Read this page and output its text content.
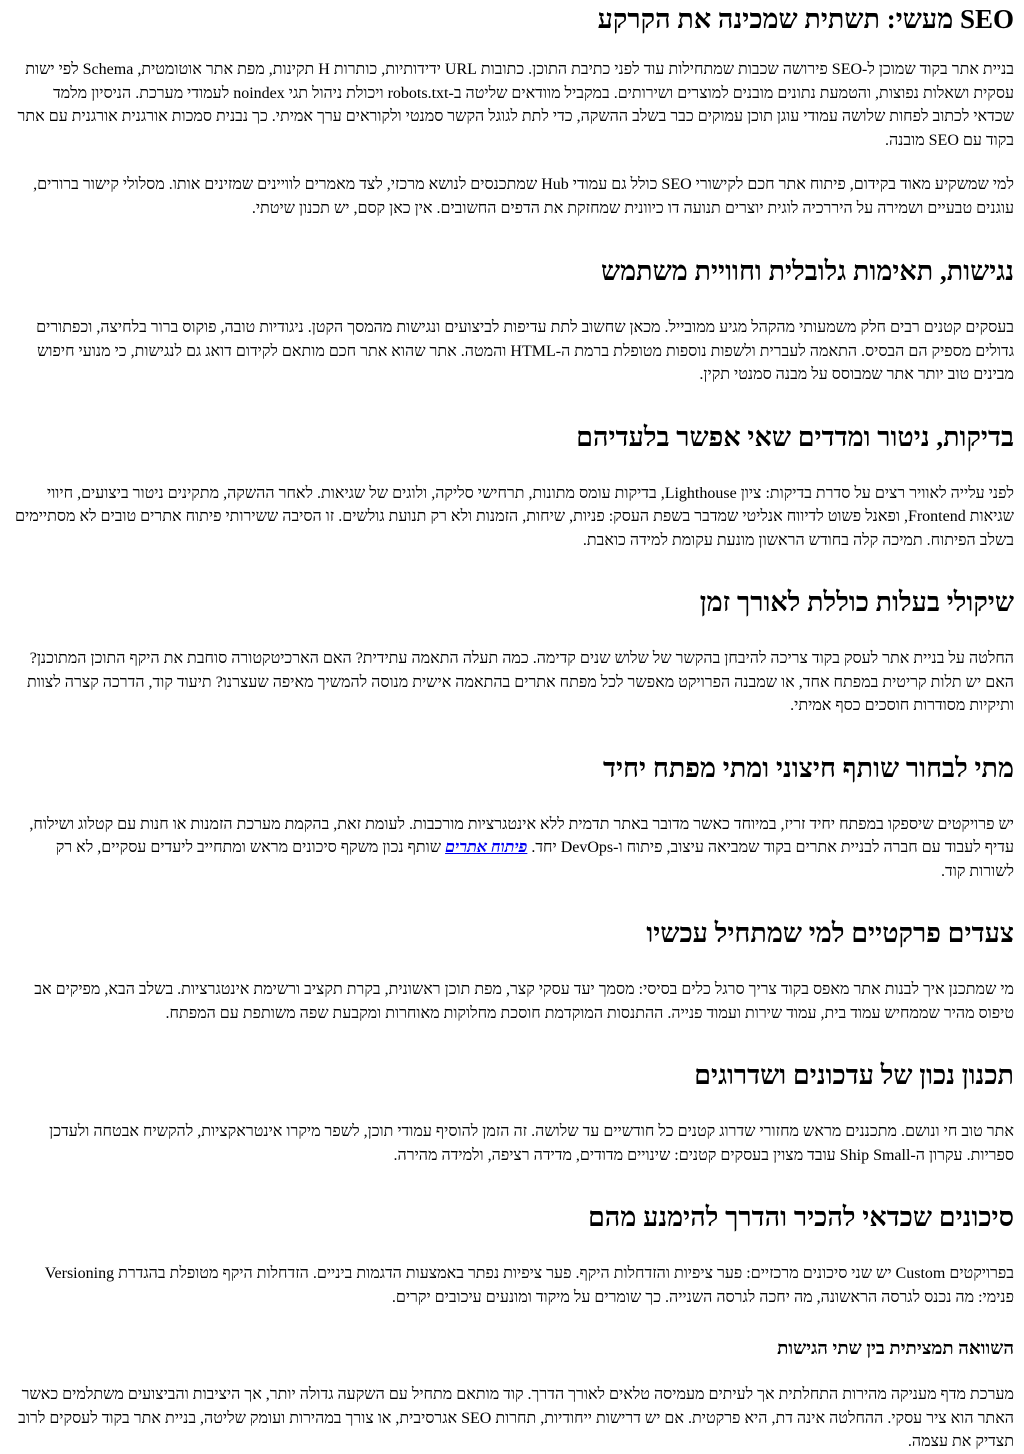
SEO מעשי: תשתית שמכינה את הקרקע

בניית אתר בקוד שמוכן ל-SEO פירושה שכבות שמתחילות עוד לפני כתיבת התוכן. כתובות URL ידידותיות, כותרות H תקינות, מפת אתר אוטומטית, Schema לפי ישות עסקית ושאלות נפוצות, והטמעת נתונים מובנים למוצרים ושירותים. במקביל מוודאים שליטה ב-robots.txt ויכולת ניהול תגי noindex לעמודי מערכת. הניסיון מלמד שכדאי לכתוב לפחות שלושה עמודי עוגן תוכן עמוקים כבר בשלב ההשקה, כדי לתת לגוגל הקשר סמנטי ולקוראים ערך אמיתי. כך נבנית סמכות אורגנית אורגנית עם אתר בקוד עם SEO מובנה.

למי שמשקיע מאוד בקידום, פיתוח אתר חכם לקישורי SEO כולל גם עמודי Hub שמתכנסים לנושא מרכזי, לצד מאמרים לוויינים שמזינים אותו. מסלולי קישור ברורים, עוגנים טבעיים ושמירה על היררכיה לוגית יוצרים תנועה דו כיוונית שמחזקת את הדפים החשובים. אין כאן קסם, יש תכנון שיטתי.

נגישות, תאימות גלובלית וחוויית משתמש

בעסקים קטנים רבים חלק משמעותי מהקהל מגיע ממובייל. מכאן שחשוב לתת עדיפות לביצועים ונגישות מהמסך הקטן. ניגודיות טובה, פוקוס ברור בלחיצה, וכפתורים גדולים מספיק הם הבסיס. התאמה לעברית ולשפות נוספות מטופלת ברמת ה-HTML והמטה. אתר שהוא אתר חכם מותאם לקידום דואג גם לנגישות, כי מנועי חיפוש מבינים טוב יותר אתר שמבוסס על מבנה סמנטי תקין.

בדיקות, ניטור ומדדים שאי אפשר בלעדיהם

לפני עלייה לאוויר רצים על סדרת בדיקות: ציון Lighthouse, בדיקות עומס מתונות, תרחישי סליקה, ולוגים של שגיאות. לאחר ההשקה, מתקינים ניטור ביצועים, חיווי שגיאות Frontend, ופאנל פשוט לדיווח אנליטי שמדבר בשפת העסק: פניות, שיחות, הזמנות ולא רק תנועת גולשים. זו הסיבה ששירותי פיתוח אתרים טובים לא מסתיימים בשלב הפיתוח. תמיכה קלה בחודש הראשון מונעת עקומת למידה כואבת.

שיקולי בעלות כוללת לאורך זמן

החלטה על בניית אתר לעסק בקוד צריכה להיבחן בהקשר של שלוש שנים קדימה. כמה תעלה התאמה עתידית? האם הארכיטקטורה סוחבת את היקף התוכן המתוכנן? האם יש תלות קריטית במפתח אחד, או שמבנה הפרויקט מאפשר לכל מפתח אתרים בהתאמה אישית מנוסה להמשיך מאיפה שעצרנו? תיעוד קוד, הדרכה קצרה לצוות ותיקיות מסודרות חוסכים כסף אמיתי.

מתי לבחור שותף חיצוני ומתי מפתח יחיד

יש פרויקטים שיספקו במפתח יחיד זריז, במיוחד כאשר מדובר באתר תדמית ללא אינטגרציות מורכבות. לעומת זאת, בהקמת מערכת הזמנות או חנות עם קטלוג ושילוח, עדיף לעבוד עם חברה לבניית אתרים בקוד שמביאה עיצוב, פיתוח ו-DevOps יחד. פיתוח אתרים שותף נכון משקף סיכונים מראש ומתחייב ליעדים עסקיים, לא רק לשורות קוד.

צעדים פרקטיים למי שמתחיל עכשיו

מי שמתכנן איך לבנות אתר מאפס בקוד צריך סרגל כלים בסיסי: מסמך יעד עסקי קצר, מפת תוכן ראשונית, בקרת תקציב ורשימת אינטגרציות. בשלב הבא, מפיקים אב טיפוס מהיר שממחיש עמוד בית, עמוד שירות ועמוד פנייה. ההתנסות המוקדמת חוסכת מחלוקות מאוחרות ומקבעת שפה משותפת עם המפתח.

תכנון נכון של עדכונים ושדרוגים

אתר טוב חי ונושם. מתכננים מראש מחזורי שדרוג קטנים כל חודשיים עד שלושה. זה הזמן להוסיף עמודי תוכן, לשפר מיקרו אינטראקציות, להקשיח אבטחה ולעדכן ספריות. עקרון ה-Ship Small עובד מצוין בעסקים קטנים: שינויים מדודים, מדידה רציפה, ולמידה מהירה.

סיכונים שכדאי להכיר והדרך להימנע מהם

בפרויקטים Custom יש שני סיכונים מרכזיים: פער ציפיות והזדחלות היקף. פער ציפיות נפתר באמצעות הדגמות ביניים. הזדחלות היקף מטופלת בהגדרת Versioning פנימי: מה נכנס לגרסה הראשונה, מה יחכה לגרסה השנייה. כך שומרים על מיקוד ומונעים עיכובים יקרים.

השוואה תמציתית בין שתי הגישות

מערכת מדף מעניקה מהירות התחלתית אך לעיתים מעמיסה טלאים לאורך הדרך. קוד מותאם מתחיל עם השקעה גדולה יותר, אך היציבות והביצועים משתלמים כאשר האתר הוא ציר עסקי. ההחלטה אינה דת, היא פרקטית. אם יש דרישות ייחודיות, תחרות SEO אגרסיבית, או צורך במהירות ועומק שליטה, בניית אתר בקוד לעסקים לרוב תצדיק את עצמה.
